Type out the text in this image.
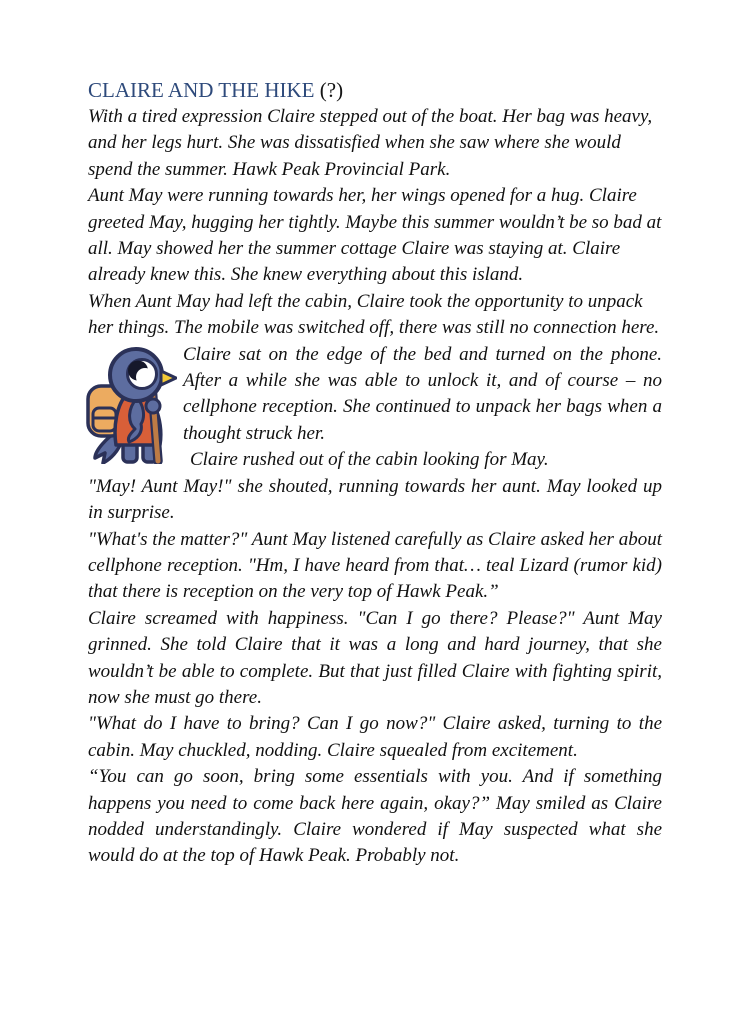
CLAIRE AND THE HIKE (?)

With a tired expression Claire stepped out of the boat. Her bag was heavy, and her legs hurt. She was dissatisfied when she saw where she would spend the summer. Hawk Peak Provincial Park.

Aunt May were running towards her, her wings opened for a hug. Claire greeted May, hugging her tightly. Maybe this summer wouldn’t be so bad at all. May showed her the summer cottage Claire was staying at. Claire already knew this. She knew everything about this island.

When Aunt May had left the cabin, Claire took the opportunity to unpack her things. The mobile was switched off, there was still no connection here.

Claire sat on the edge of the bed and turned on the phone. After a while she was able to unlock it, and of course – no cellphone reception. She continued to unpack her bags when a thought struck her.

Claire rushed out of the cabin looking for May.

"May! Aunt May!" she shouted, running towards her aunt. May looked up in surprise.

"What's the matter?" Aunt May listened carefully as Claire asked her about cellphone reception. "Hm, I have heard from that… teal Lizard (rumor kid) that there is reception on the very top of Hawk Peak.”

Claire screamed with happiness. "Can I go there? Please?" Aunt May grinned. She told Claire that it was a long and hard journey, that she wouldn’t be able to complete. But that just filled Claire with fighting spirit, now she must go there.

"What do I have to bring? Can I go now?" Claire asked, turning to the cabin. May chuckled, nodding. Claire squealed from excitement.

“You can go soon, bring some essentials with you. And if something happens you need to come back here again, okay?” May smiled as Claire nodded understandingly. Claire wondered if May suspected what she would do at the top of Hawk Peak. Probably not.
